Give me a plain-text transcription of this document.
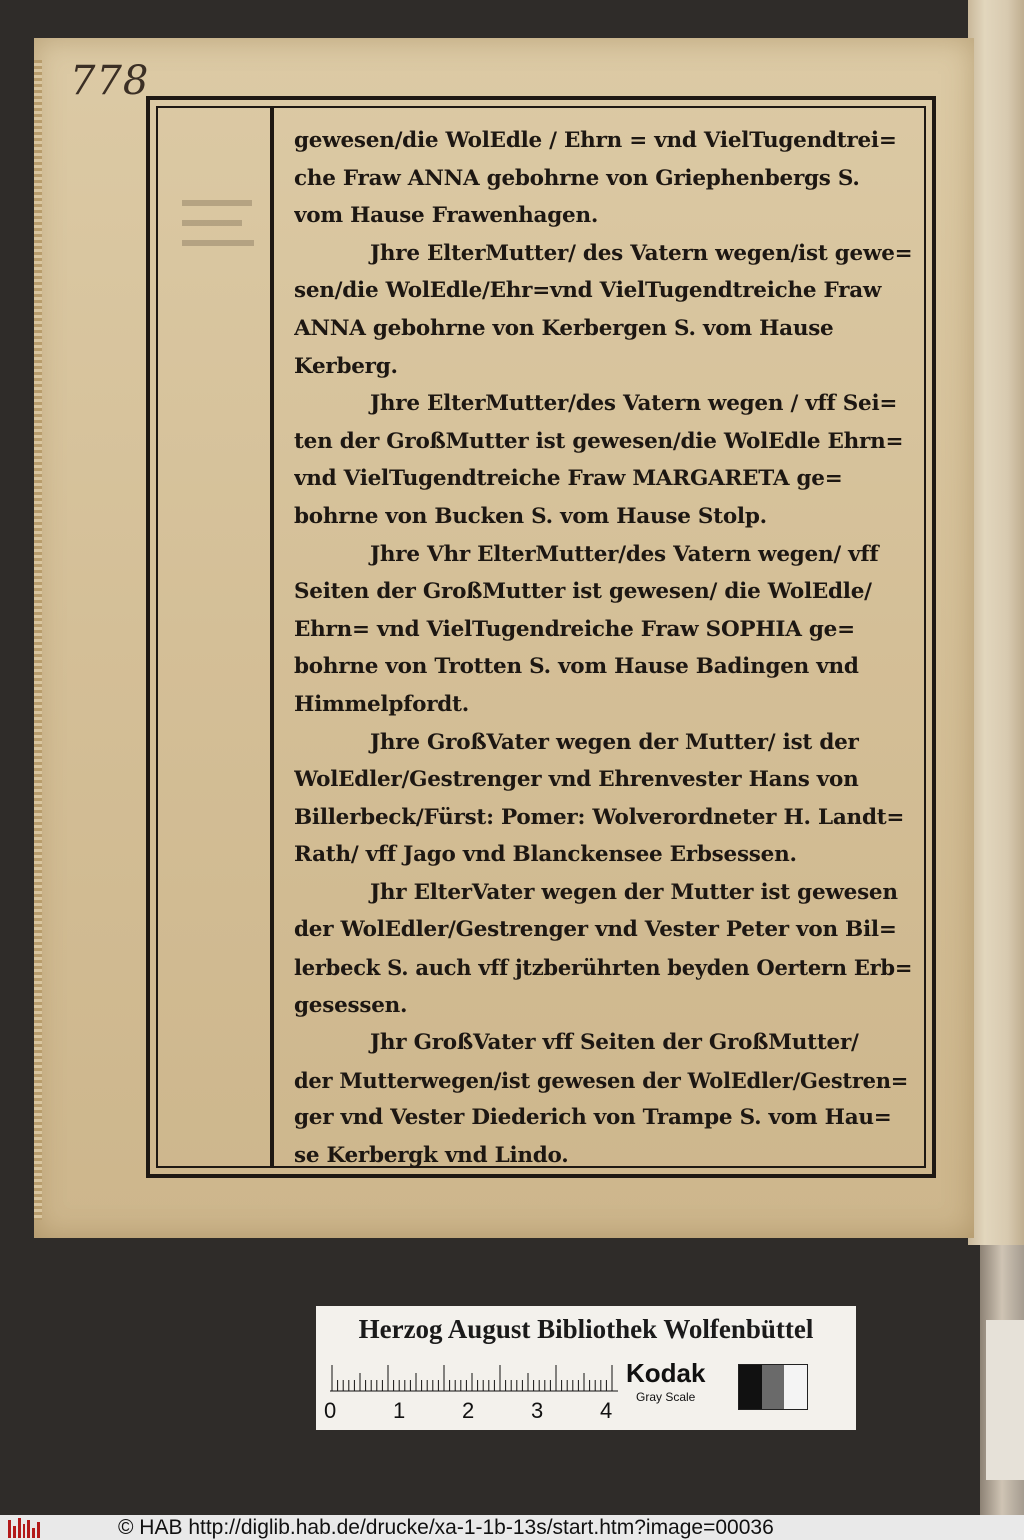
778
gewesen/die WolEdle / Ehrn = vnd VielTugendtrei=
che Fraw ANNA gebohrne von Griephenbergs S.
vom Hause Frawenhagen.
Jhre ElterMutter/ des Vatern wegen/ist gewe=
sen/die WolEdle/Ehr=vnd VielTugendtreiche Fraw
ANNA gebohrne von Kerbergen S. vom Hause
Kerberg.
Jhre ElterMutter/des Vatern wegen / vff Sei=
ten der GroßMutter ist gewesen/die WolEdle Ehrn=
vnd VielTugendtreiche Fraw MARGARETA ge=
bohrne von Bucken S. vom Hause Stolp.
Jhre Vhr ElterMutter/des Vatern wegen/ vff
Seiten der GroßMutter ist gewesen/ die WolEdle/
Ehrn= vnd VielTugendreiche Fraw SOPHIA ge=
bohrne von Trotten S. vom Hause Badingen vnd
Himmelpfordt.
Jhre GroßVater wegen der Mutter/ ist der
WolEdler/Gestrenger vnd Ehrenvester Hans von
Billerbeck/Fürst: Pomer: Wolverordneter H. Landt=
Rath/ vff Jago vnd Blanckensee Erbsessen.
Jhr ElterVater wegen der Mutter ist gewesen
der WolEdler/Gestrenger vnd Vester Peter von Bil=
lerbeck S. auch vff jtzberührten beyden Oertern Erb=
gesessen.
Jhr GroßVater vff Seiten der GroßMutter/
der Mutterwegen/ist gewesen der WolEdler/Gestren=
ger vnd Vester Diederich von Trampe S. vom Hau=
se Kerbergk vnd Lindo.
Herzog August Bibliothek Wolfenbüttel
0	1	2	3	4
Kodak
Gray Scale
© HAB http://diglib.hab.de/drucke/xa-1-1b-13s/start.htm?image=00036
